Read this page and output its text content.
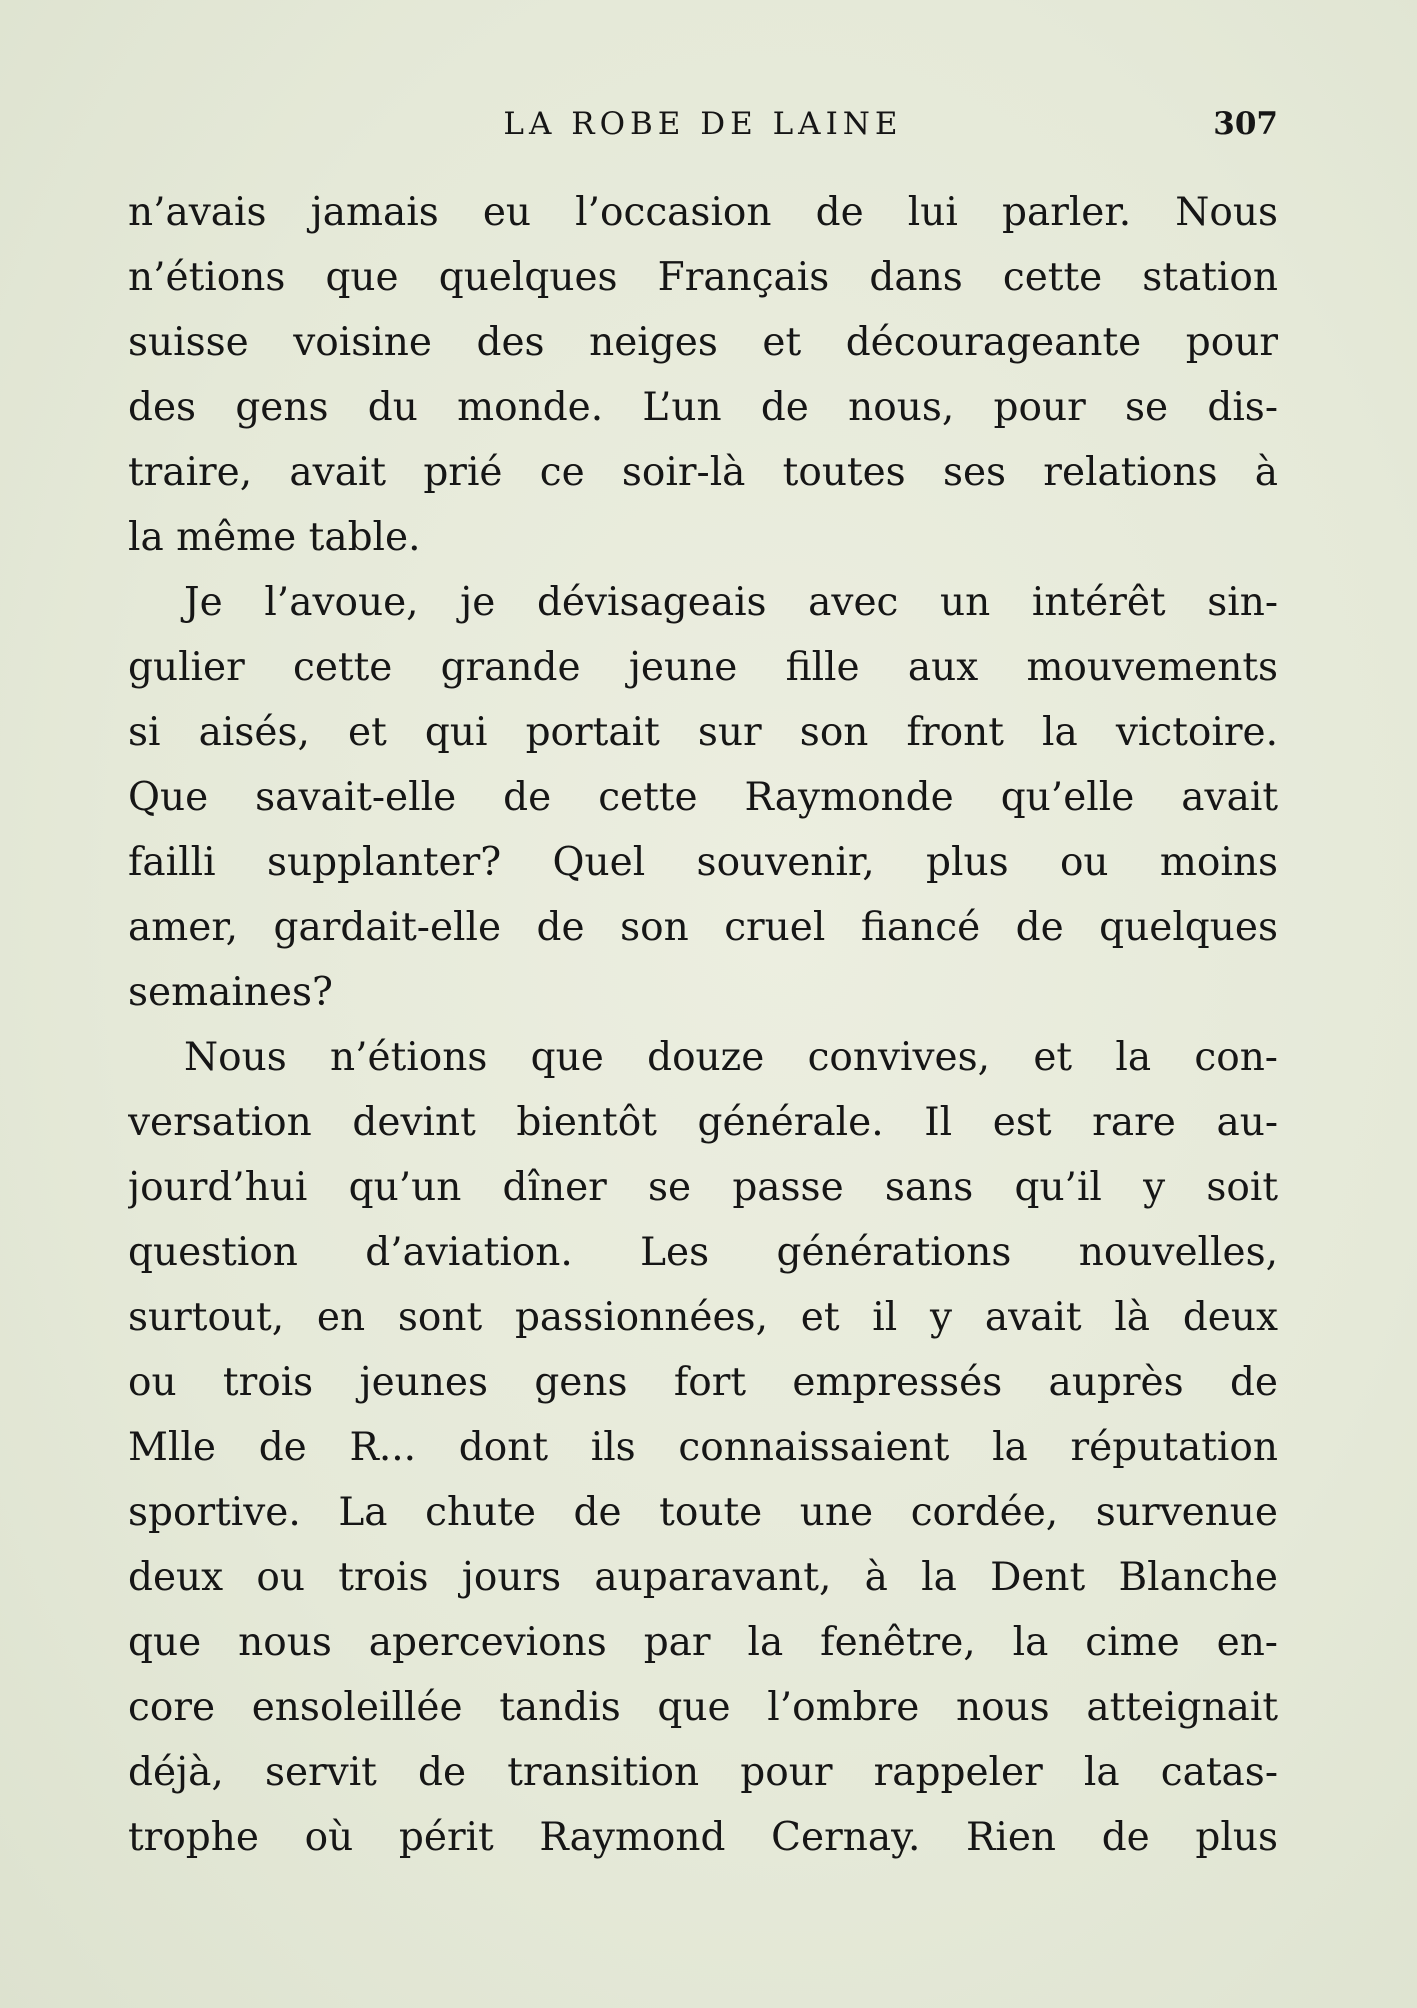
LA ROBE DE LAINE	307
n’avais jamais eu l’occasion de lui parler. Nous
n’étions que quelques Français dans cette station
suisse voisine des neiges et décourageante pour
des gens du monde. L’un de nous, pour se dis-
traire, avait prié ce soir-là toutes ses relations à
la même table.
Je l’avoue, je dévisageais avec un intérêt sin-
gulier cette grande jeune fille aux mouvements
si aisés, et qui portait sur son front la victoire.
Que savait-elle de cette Raymonde qu’elle avait
failli supplanter? Quel souvenir, plus ou moins
amer, gardait-elle de son cruel fiancé de quelques
semaines?
Nous n’étions que douze convives, et la con-
versation devint bientôt générale. Il est rare au-
jourd’hui qu’un dîner se passe sans qu’il y soit
question d’aviation. Les générations nouvelles,
surtout, en sont passionnées, et il y avait là deux
ou trois jeunes gens fort empressés auprès de
Mlle de R... dont ils connaissaient la réputation
sportive. La chute de toute une cordée, survenue
deux ou trois jours auparavant, à la Dent Blanche
que nous apercevions par la fenêtre, la cime en-
core ensoleillée tandis que l’ombre nous atteignait
déjà, servit de transition pour rappeler la catas-
trophe où périt Raymond Cernay. Rien de plus
